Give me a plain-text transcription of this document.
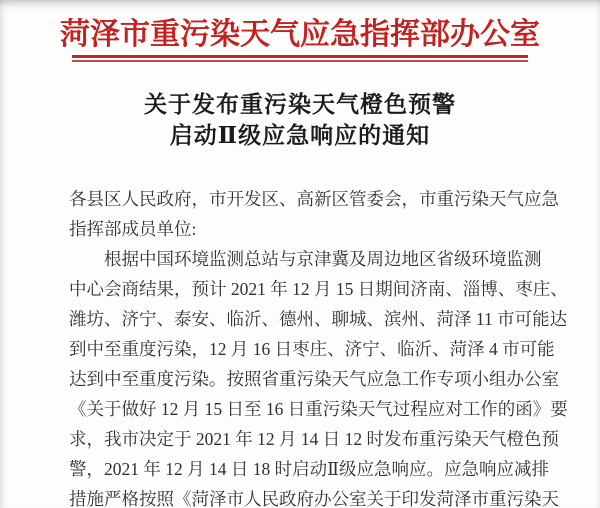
菏泽市重污染天气应急指挥部办公室
关于发布重污染天气橙色预警
启动Ⅱ级应急响应的通知
各县区人民政府，市开发区、高新区管委会，市重污染天气应急
指挥部成员单位:
根据中国环境监测总站与京津冀及周边地区省级环境监测
中心会商结果，预计 2021 年 12 月 15 日期间济南、淄博、枣庄、
潍坊、济宁、泰安、临沂、德州、聊城、滨州、菏泽 11 市可能达
到中至重度污染，12 月 16 日枣庄、济宁、临沂、菏泽 4 市可能
达到中至重度污染。按照省重污染天气应急工作专项小组办公室
《关于做好 12 月 15 日至 16 日重污染天气过程应对工作的函》要
求，我市决定于 2021 年 12 月 14 日 12 时发布重污染天气橙色预
警，2021 年 12 月 14 日 18 时启动Ⅱ级应急响应。应急响应减排
措施严格按照《菏泽市人民政府办公室关于印发菏泽市重污染天
